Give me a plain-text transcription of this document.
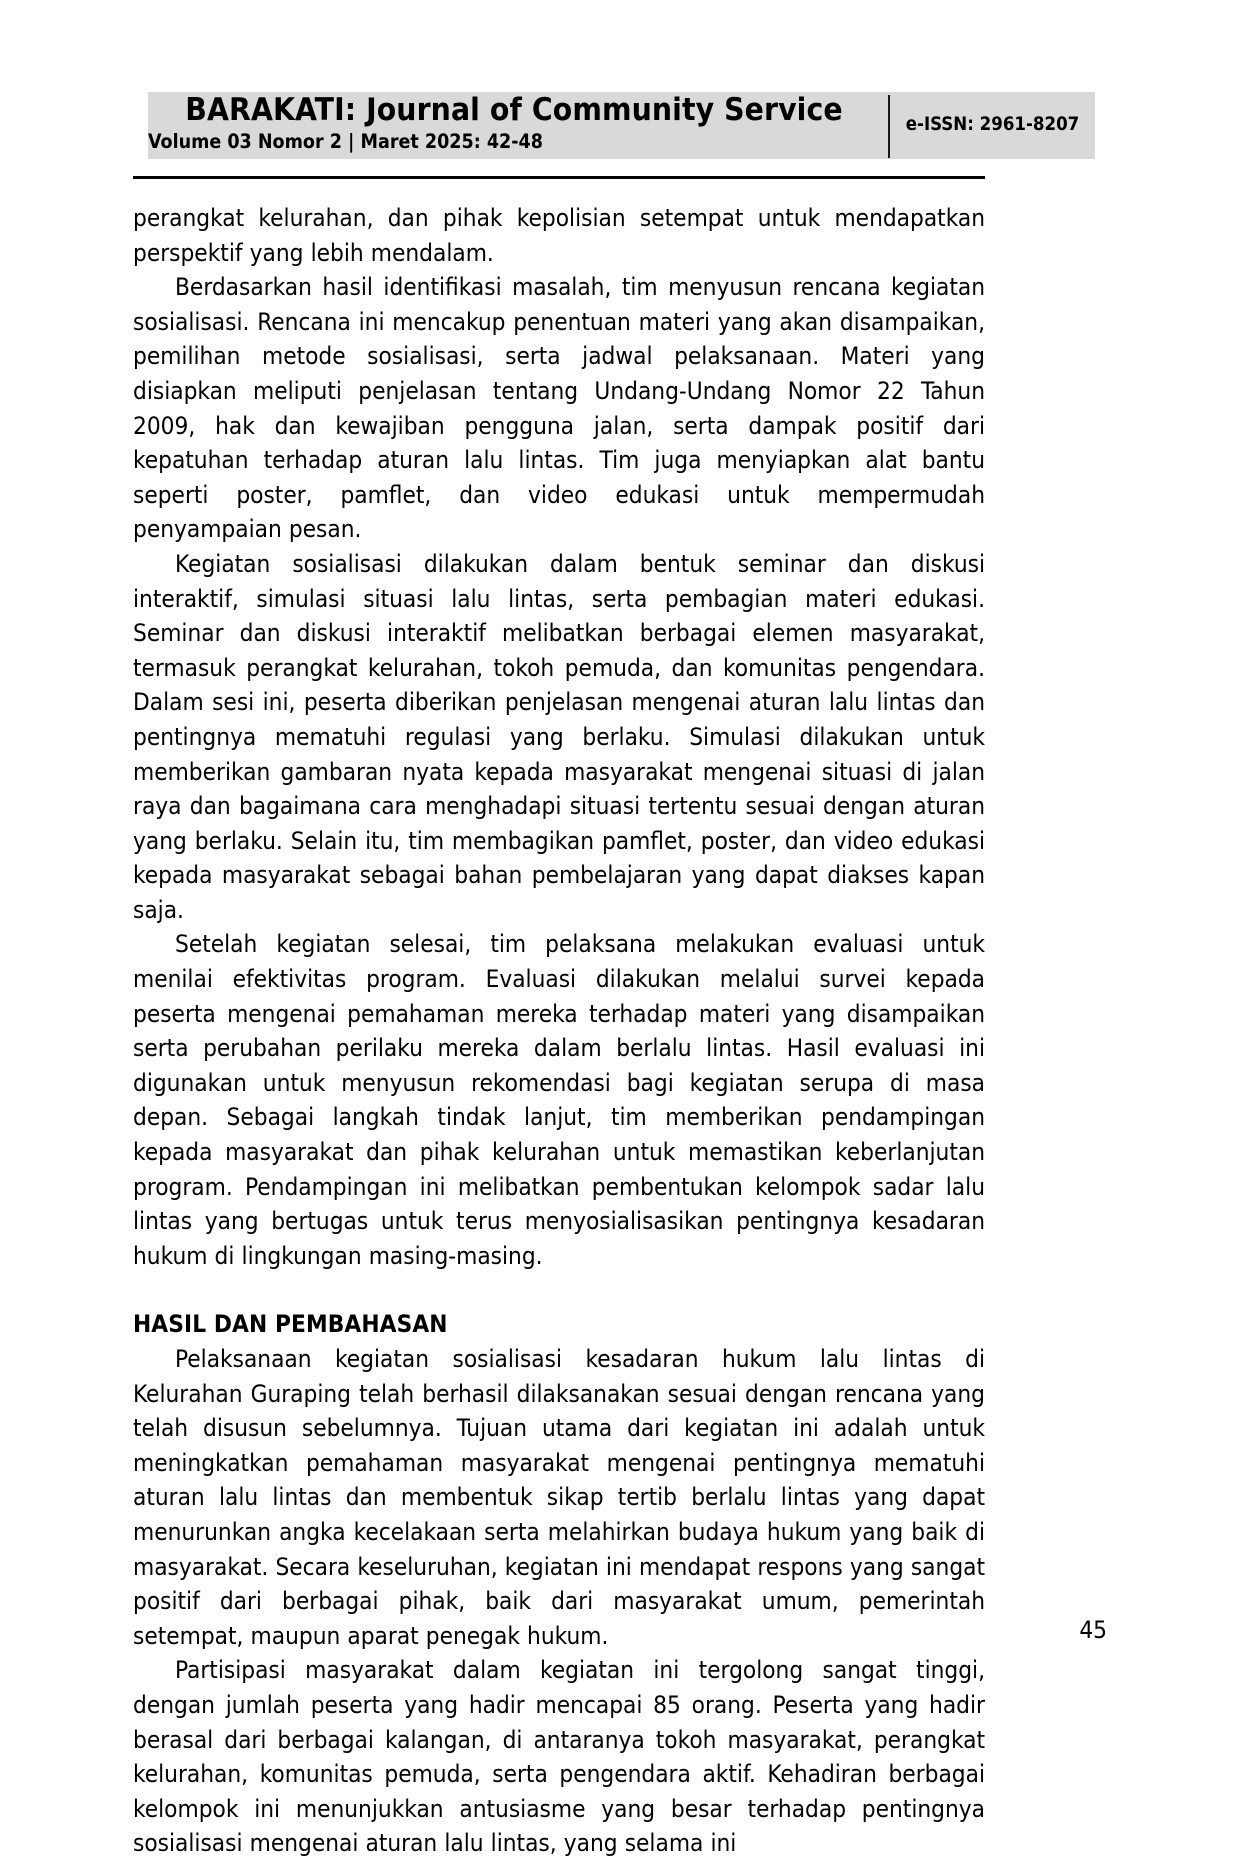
BARAKATI: Journal of Community Service
Volume 03 Nomor 2 | Maret 2025: 42-48
e-ISSN: 2961-8207

perangkat kelurahan, dan pihak kepolisian setempat untuk mendapatkan perspektif yang lebih mendalam.

Berdasarkan hasil identifikasi masalah, tim menyusun rencana kegiatan sosialisasi. Rencana ini mencakup penentuan materi yang akan disampaikan, pemilihan metode sosialisasi, serta jadwal pelaksanaan. Materi yang disiapkan meliputi penjelasan tentang Undang-Undang Nomor 22 Tahun 2009, hak dan kewajiban pengguna jalan, serta dampak positif dari kepatuhan terhadap aturan lalu lintas. Tim juga menyiapkan alat bantu seperti poster, pamflet, dan video edukasi untuk mempermudah penyampaian pesan.

Kegiatan sosialisasi dilakukan dalam bentuk seminar dan diskusi interaktif, simulasi situasi lalu lintas, serta pembagian materi edukasi. Seminar dan diskusi interaktif melibatkan berbagai elemen masyarakat, termasuk perangkat kelurahan, tokoh pemuda, dan komunitas pengendara. Dalam sesi ini, peserta diberikan penjelasan mengenai aturan lalu lintas dan pentingnya mematuhi regulasi yang berlaku. Simulasi dilakukan untuk memberikan gambaran nyata kepada masyarakat mengenai situasi di jalan raya dan bagaimana cara menghadapi situasi tertentu sesuai dengan aturan yang berlaku. Selain itu, tim membagikan pamflet, poster, dan video edukasi kepada masyarakat sebagai bahan pembelajaran yang dapat diakses kapan saja.

Setelah kegiatan selesai, tim pelaksana melakukan evaluasi untuk menilai efektivitas program. Evaluasi dilakukan melalui survei kepada peserta mengenai pemahaman mereka terhadap materi yang disampaikan serta perubahan perilaku mereka dalam berlalu lintas. Hasil evaluasi ini digunakan untuk menyusun rekomendasi bagi kegiatan serupa di masa depan. Sebagai langkah tindak lanjut, tim memberikan pendampingan kepada masyarakat dan pihak kelurahan untuk memastikan keberlanjutan program. Pendampingan ini melibatkan pembentukan kelompok sadar lalu lintas yang bertugas untuk terus menyosialisasikan pentingnya kesadaran hukum di lingkungan masing-masing.

HASIL DAN PEMBAHASAN

Pelaksanaan kegiatan sosialisasi kesadaran hukum lalu lintas di Kelurahan Guraping telah berhasil dilaksanakan sesuai dengan rencana yang telah disusun sebelumnya. Tujuan utama dari kegiatan ini adalah untuk meningkatkan pemahaman masyarakat mengenai pentingnya mematuhi aturan lalu lintas dan membentuk sikap tertib berlalu lintas yang dapat menurunkan angka kecelakaan serta melahirkan budaya hukum yang baik di masyarakat. Secara keseluruhan, kegiatan ini mendapat respons yang sangat positif dari berbagai pihak, baik dari masyarakat umum, pemerintah setempat, maupun aparat penegak hukum.

Partisipasi masyarakat dalam kegiatan ini tergolong sangat tinggi, dengan jumlah peserta yang hadir mencapai 85 orang. Peserta yang hadir berasal dari berbagai kalangan, di antaranya tokoh masyarakat, perangkat kelurahan, komunitas pemuda, serta pengendara aktif. Kehadiran berbagai kelompok ini menunjukkan antusiasme yang besar terhadap pentingnya sosialisasi mengenai aturan lalu lintas, yang selama ini

45
